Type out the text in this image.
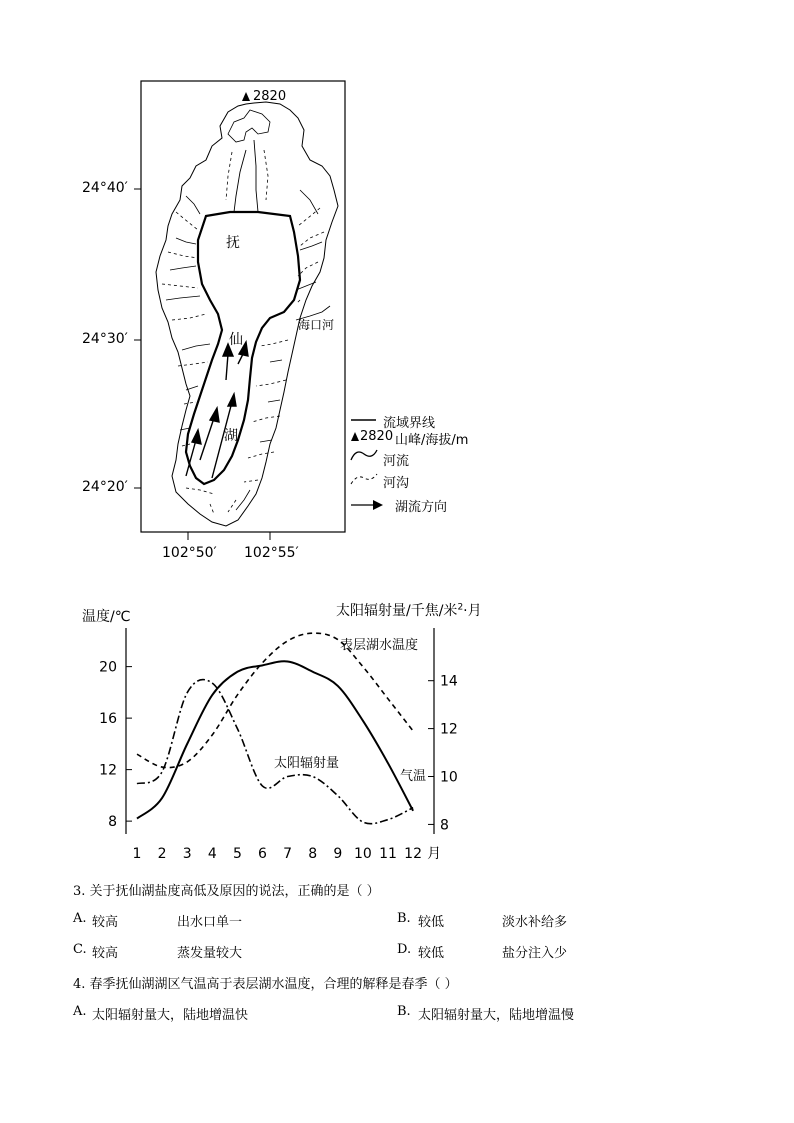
2820
抚
仙
湖
海口河
24°40′
24°30′
24°20′
102°50′ 102°55′
流域界线
2820 山峰/海拔/m
河流
河沟
湖流方向
温度/℃	太阳辐射量/千焦/米$^2$·月
表层湖水温度
太阳辐射量
气温
8
12
16
20
8
10
12
14
1 2 3 4 5 6 7 8 9 10 11 12 月
3. 关于抚仙湖盐度高低及原因的说法，正确的是（ ）
A. 较高	出水口单一	B. 较低	淡水补给多
C. 较高	蒸发量较大	D. 较低	盐分注入少
4. 春季抚仙湖湖区气温高于表层湖水温度，合理的解释是春季（ ）
A. 太阳辐射量大，陆地增温快	B. 太阳辐射量大，陆地增温慢
